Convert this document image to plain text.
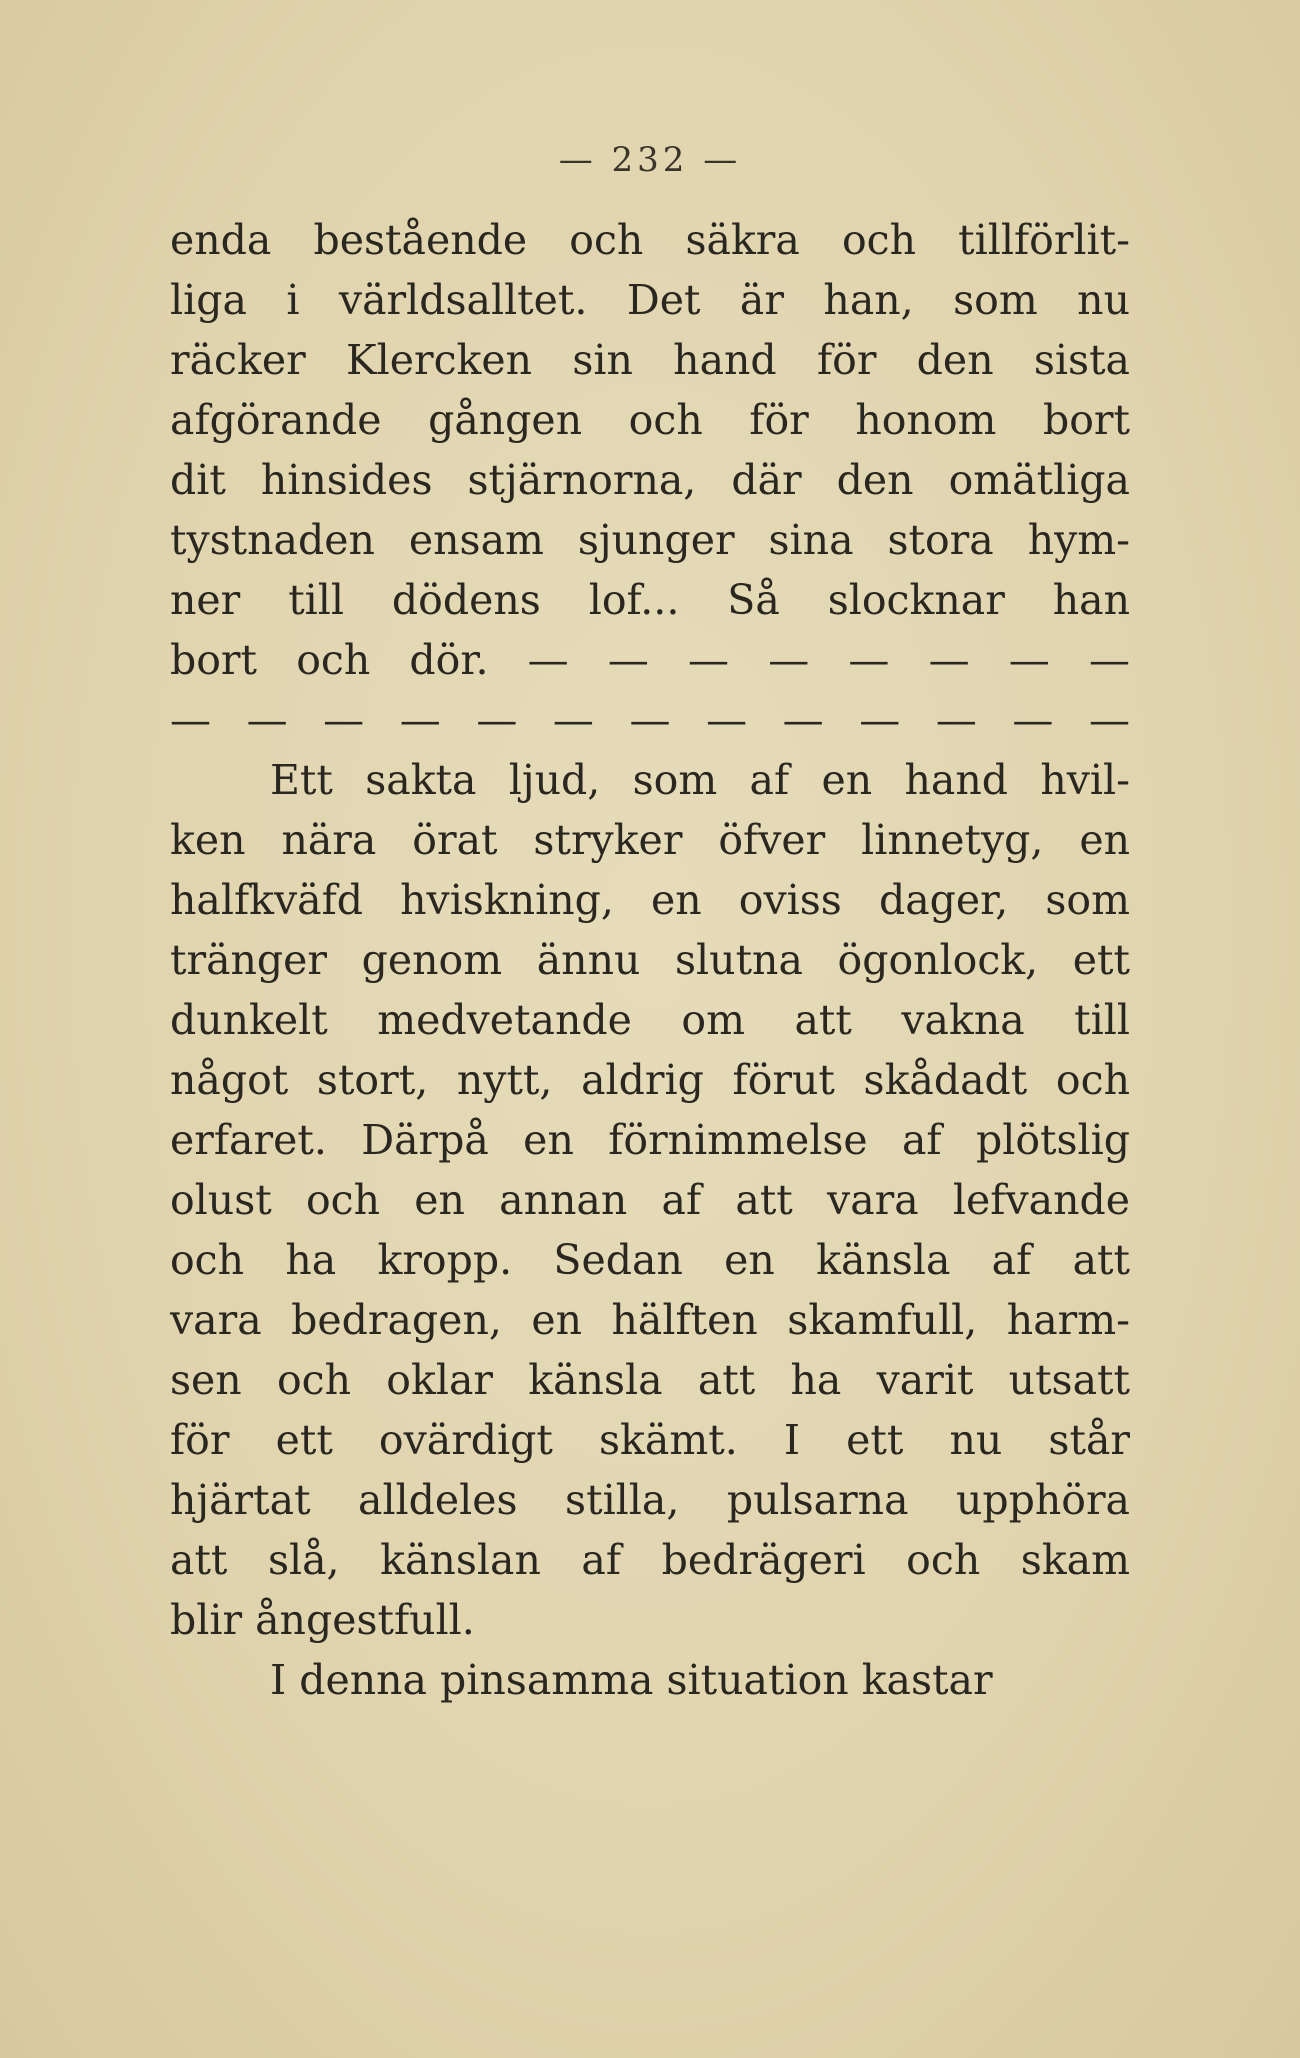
— 232 —
enda bestående och säkra och tillförlit-
liga i världsalltet. Det är han, som nu
räcker Klercken sin hand för den sista
afgörande gången och för honom bort
dit hinsides stjärnorna, där den omätliga
tystnaden ensam sjunger sina stora hym-
ner till dödens lof... Så slocknar han
bort och dör. — — — — — — — —
— — — — — — — — — — — — —
Ett sakta ljud, som af en hand hvil-
ken nära örat stryker öfver linnetyg, en
halfkväfd hviskning, en oviss dager, som
tränger genom ännu slutna ögonlock, ett
dunkelt medvetande om att vakna till
något stort, nytt, aldrig förut skådadt och
erfaret. Därpå en förnimmelse af plötslig
olust och en annan af att vara lefvande
och ha kropp. Sedan en känsla af att
vara bedragen, en hälften skamfull, harm-
sen och oklar känsla att ha varit utsatt
för ett ovärdigt skämt. I ett nu står
hjärtat alldeles stilla, pulsarna upphöra
att slå, känslan af bedrägeri och skam
blir ångestfull.
I denna pinsamma situation kastar
